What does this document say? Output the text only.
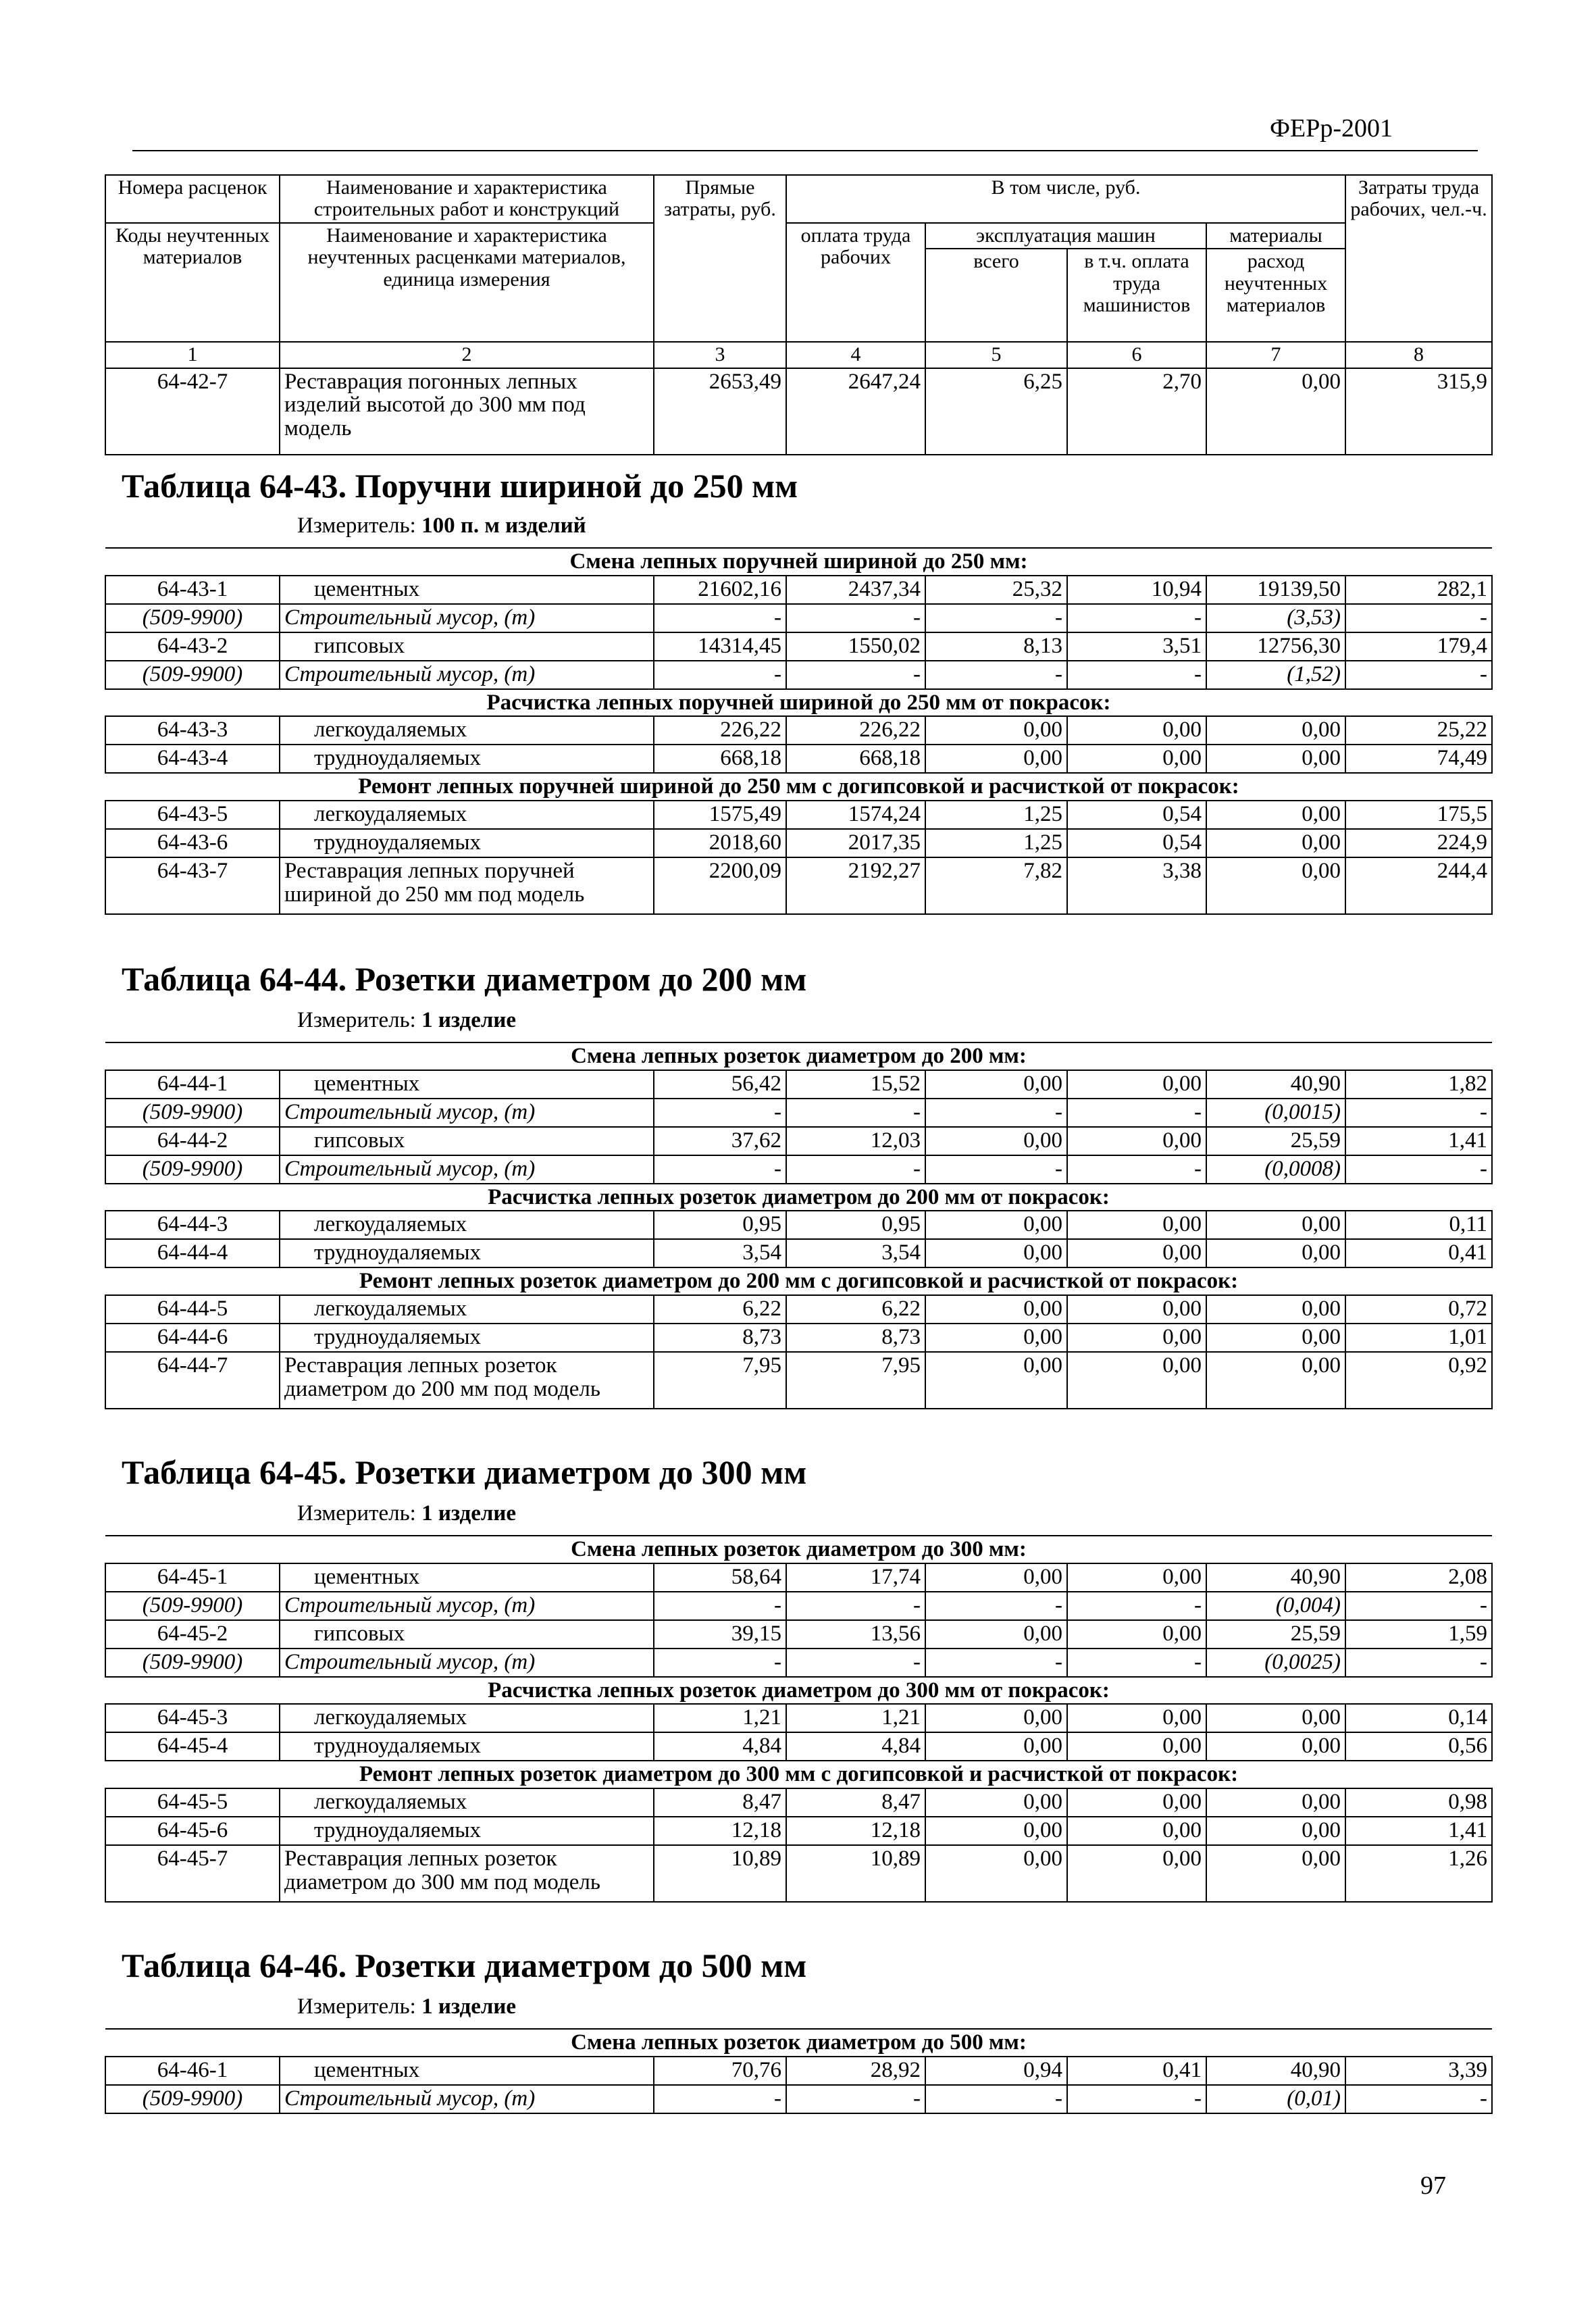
ФЕРр-2001
Номера расценок	Наименование и характеристика строительных работ и конструкций	Прямые затраты, руб.	В том числе, руб.				Затраты труда рабочих, чел.-ч.
Коды неучтенных материалов	Наименование и характеристика неучтенных расценками материалов, единица измерения		оплата труда рабочих	эксплуатация машин		материалы	
				всего	в т.ч. оплата труда машинистов	расход неучтенных материалов	
1	2	3	4	5	6	7	8
64-42-7	Реставрация погонных лепных изделий высотой до 300 мм под модель	2653,49	2647,24	6,25	2,70	0,00	315,9
Таблица 64-43. Поручни шириной до 250 мм
Измеритель: 100 п. м изделий
Смена лепных поручней шириной до 250 мм:							
64-43-1	цементных	21602,16	2437,34	25,32	10,94	19139,50	282,1
(509-9900)	Строительный мусор, (т)	-	-	-	-	(3,53)	-
64-43-2	гипсовых	14314,45	1550,02	8,13	3,51	12756,30	179,4
(509-9900)	Строительный мусор, (т)	-	-	-	-	(1,52)	-
Расчистка лепных поручней шириной до 250 мм от покрасок:							
64-43-3	легкоудаляемых	226,22	226,22	0,00	0,00	0,00	25,22
64-43-4	трудноудаляемых	668,18	668,18	0,00	0,00	0,00	74,49
Ремонт лепных поручней шириной до 250 мм с догипсовкой и расчисткой от покрасок:							
64-43-5	легкоудаляемых	1575,49	1574,24	1,25	0,54	0,00	175,5
64-43-6	трудноудаляемых	2018,60	2017,35	1,25	0,54	0,00	224,9
64-43-7	Реставрация лепных поручней шириной до 250 мм под модель	2200,09	2192,27	7,82	3,38	0,00	244,4
Таблица 64-44. Розетки диаметром до 200 мм
Измеритель: 1 изделие
Смена лепных розеток диаметром до 200 мм:							
64-44-1	цементных	56,42	15,52	0,00	0,00	40,90	1,82
(509-9900)	Строительный мусор, (т)	-	-	-	-	(0,0015)	-
64-44-2	гипсовых	37,62	12,03	0,00	0,00	25,59	1,41
(509-9900)	Строительный мусор, (т)	-	-	-	-	(0,0008)	-
Расчистка лепных розеток диаметром до 200 мм от покрасок:							
64-44-3	легкоудаляемых	0,95	0,95	0,00	0,00	0,00	0,11
64-44-4	трудноудаляемых	3,54	3,54	0,00	0,00	0,00	0,41
Ремонт лепных розеток диаметром до 200 мм с догипсовкой и расчисткой от покрасок:							
64-44-5	легкоудаляемых	6,22	6,22	0,00	0,00	0,00	0,72
64-44-6	трудноудаляемых	8,73	8,73	0,00	0,00	0,00	1,01
64-44-7	Реставрация лепных розеток диаметром до 200 мм под модель	7,95	7,95	0,00	0,00	0,00	0,92
Таблица 64-45. Розетки диаметром до 300 мм
Измеритель: 1 изделие
Смена лепных розеток диаметром до 300 мм:							
64-45-1	цементных	58,64	17,74	0,00	0,00	40,90	2,08
(509-9900)	Строительный мусор, (т)	-	-	-	-	(0,004)	-
64-45-2	гипсовых	39,15	13,56	0,00	0,00	25,59	1,59
(509-9900)	Строительный мусор, (т)	-	-	-	-	(0,0025)	-
Расчистка лепных розеток диаметром до 300 мм от покрасок:							
64-45-3	легкоудаляемых	1,21	1,21	0,00	0,00	0,00	0,14
64-45-4	трудноудаляемых	4,84	4,84	0,00	0,00	0,00	0,56
Ремонт лепных розеток диаметром до 300 мм с догипсовкой и расчисткой от покрасок:							
64-45-5	легкоудаляемых	8,47	8,47	0,00	0,00	0,00	0,98
64-45-6	трудноудаляемых	12,18	12,18	0,00	0,00	0,00	1,41
64-45-7	Реставрация лепных розеток диаметром до 300 мм под модель	10,89	10,89	0,00	0,00	0,00	1,26
Таблица 64-46. Розетки диаметром до 500 мм
Измеритель: 1 изделие
Смена лепных розеток диаметром до 500 мм:							
64-46-1	цементных	70,76	28,92	0,94	0,41	40,90	3,39
(509-9900)	Строительный мусор, (т)	-	-	-	-	(0,01)	-
97
